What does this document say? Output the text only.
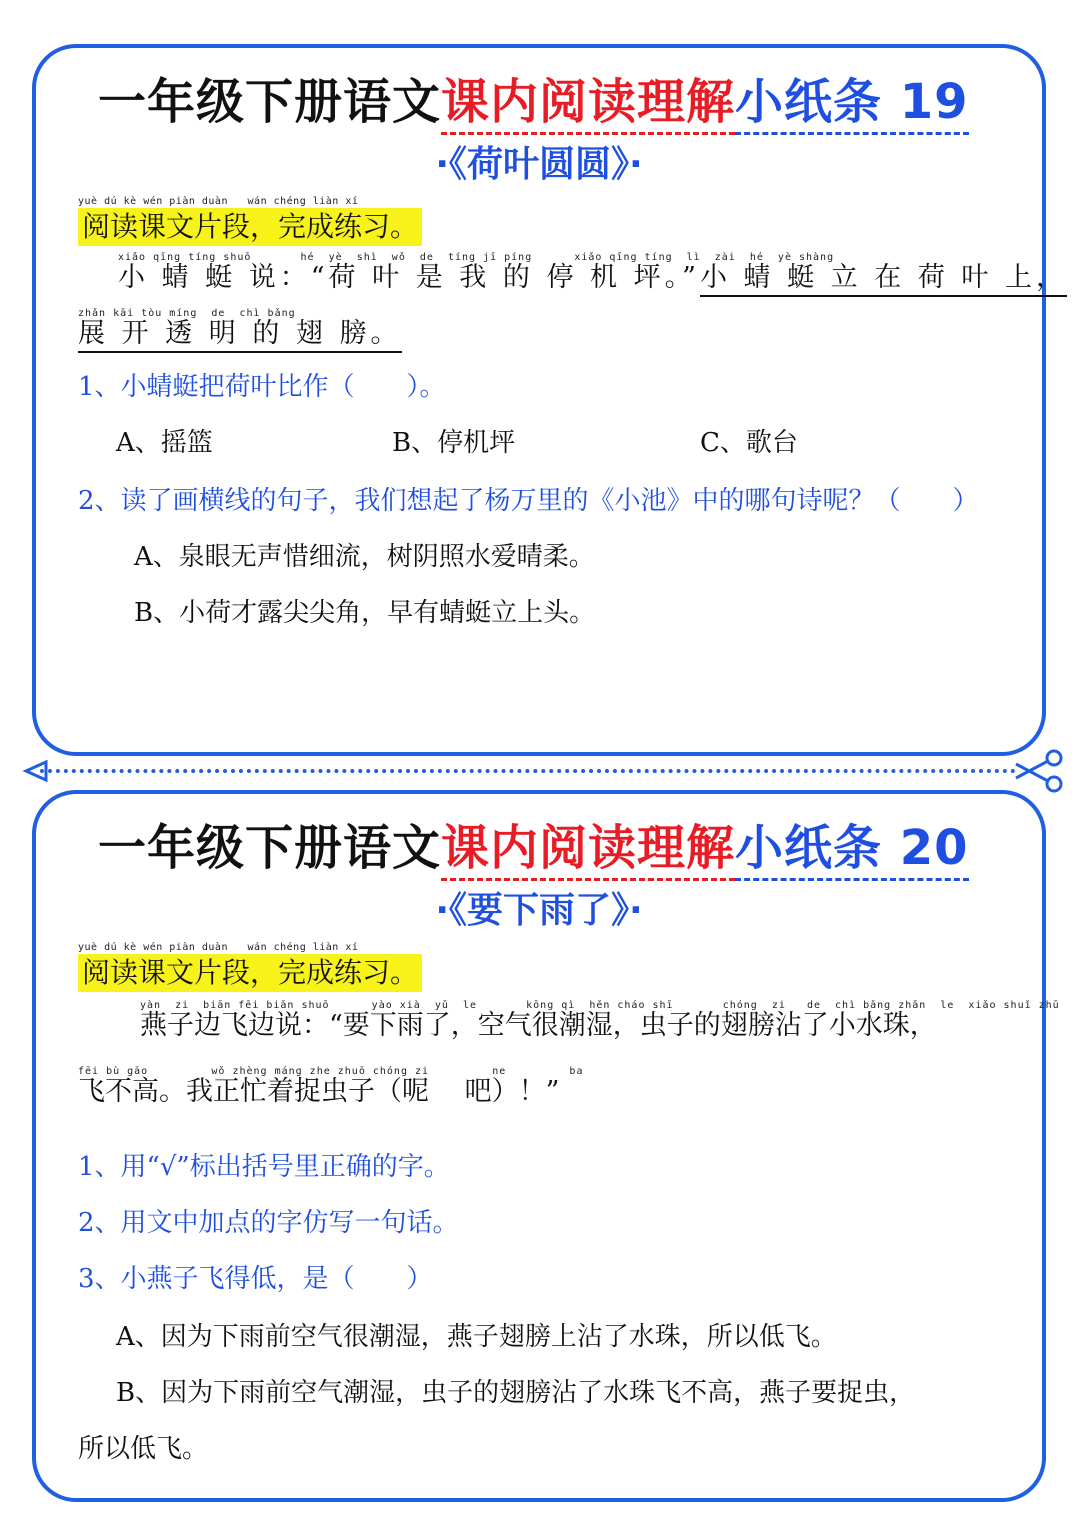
一年级下册语文课内阅读理解小纸条 19
·《荷叶圆圆》·
yuè dú kè wén piàn duàn   wán chéng liàn xí
阅读课文片段，完成练习。
xiǎo qīng tíng shuō       hé  yè  shì  wǒ  de  tíng jī píng      xiǎo qīng tíng  lì  zài  hé  yè shàng
小 蜻 蜓 说：“荷 叶 是 我 的 停 机 坪。”小 蜻 蜓 立 在 荷 叶 上，
zhǎn kāi tòu míng  de  chì bǎng
展 开 透 明 的 翅 膀。
1、小蜻蜓把荷叶比作（　　）。
A、摇篮	B、停机坪	C、歌台
2、读了画横线的句子，我们想起了杨万里的《小池》中的哪句诗呢？（　　）
A、泉眼无声惜细流，树阴照水爱晴柔。
B、小荷才露尖尖角，早有蜻蜓立上头。
一年级下册语文课内阅读理解小纸条 20
·《要下雨了》·
yuè dú kè wén piàn duàn   wán chéng liàn xí
阅读课文片段，完成练习。
yàn  zi  biān fēi biān shuō      yào xià  yǔ  le       kōng qì  hěn cháo shī       chóng  zi   de  chì bǎng zhān  le  xiǎo shuǐ zhū
燕子边飞边说：“要下雨了，空气很潮湿，虫子的翅膀沾了小水珠，
fēi bù gāo         wǒ zhèng máng zhe zhuō chóng zi         ne         ba
飞不高。我正忙着捉虫子（呢　 吧）！”
1、用“√”标出括号里正确的字。
2、用文中加点的字仿写一句话。
3、小燕子飞得低，是（　　）
A、因为下雨前空气很潮湿，燕子翅膀上沾了水珠，所以低飞。
B、因为下雨前空气潮湿，虫子的翅膀沾了水珠飞不高，燕子要捉虫，
所以低飞。
